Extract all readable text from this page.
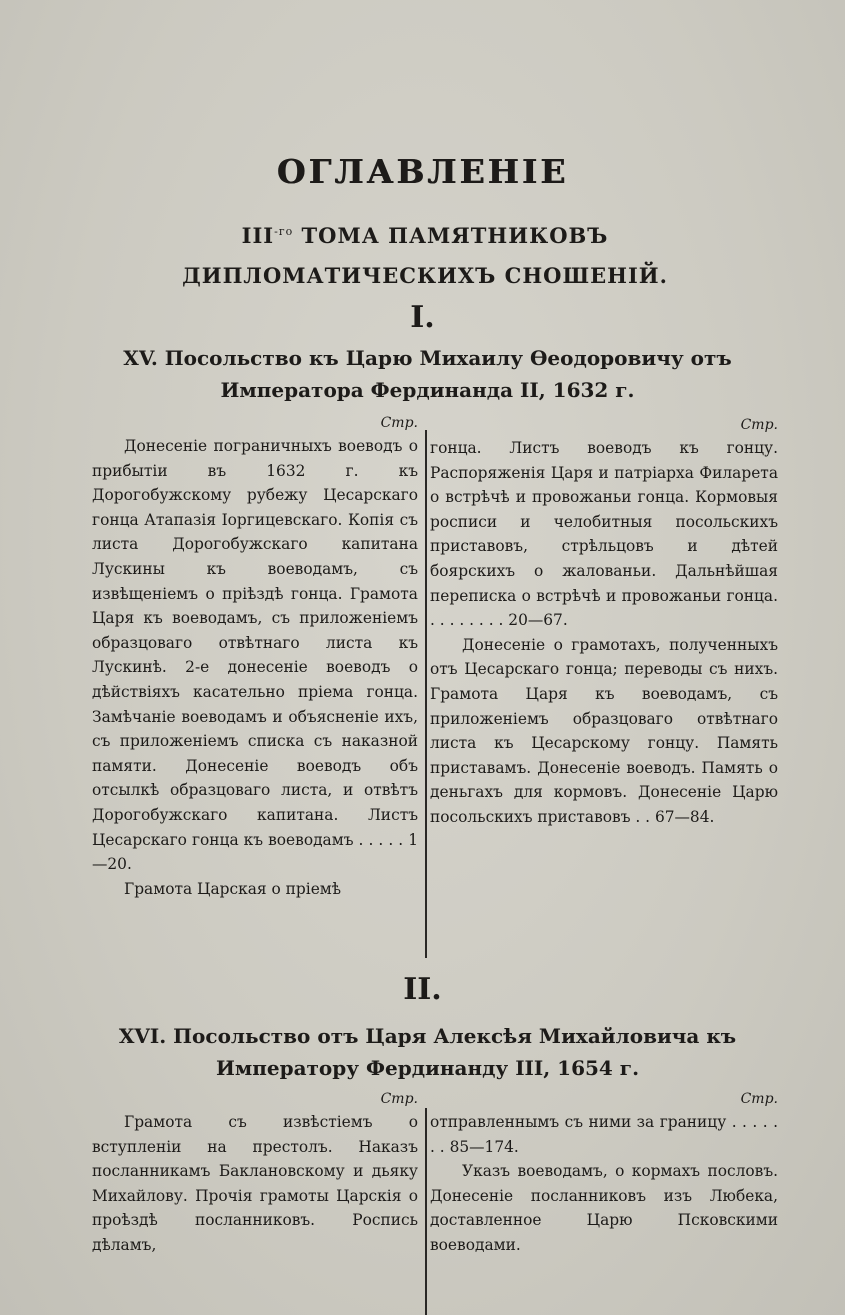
ОГЛАВЛЕНІЕ
$III^{-го}$ ТОМА ПАМЯТНИКОВЪ ДИПЛОМАТИЧЕСКИХЪ СНОШЕНІЙ.
I.
XV. Посольство къ Царю Михаилу Ѳеодоровичу отъ Императора Фердинанда II, 1632 г.
Стр.

Донесеніе пограничныхъ воеводъ о прибытіи въ 1632 г. къ Дорогобужскому рубежу Цесарскаго гонца Атапазія Іоргицевскаго. Копія съ листа Дорогобужскаго капитана Лускины къ воеводамъ, съ извѣщеніемъ о пріѣздѣ гонца. Грамота Царя къ воеводамъ, съ приложеніемъ образцоваго отвѣтнаго листа къ Лускинѣ. 2-е донесеніе воеводъ о дѣйствіяхъ касательно пріема гонца. Замѣчаніе воеводамъ и объясненіе ихъ, съ приложеніемъ списка съ наказной памяти. Донесеніе воеводъ объ отсылкѣ образцоваго листа, и отвѣтъ Дорогобужскаго капитана. Листъ Цесарскаго гонца къ воеводамъ . . . . . 1—20.

Грамота Царская о пріемѣ

Стр.

гонца. Листъ воеводъ къ гонцу. Распоряженія Царя и патріарха Филарета о встрѣчѣ и провожаньи гонца. Кормовыя росписи и челобитныя посольскихъ приставовъ, стрѣльцовъ и дѣтей боярскихъ о жалованьи. Дальнѣйшая переписка о встрѣчѣ и провожаньи гонца. . . . . . . . . 20—67.

Донесеніе о грамотахъ, полученныхъ отъ Цесарскаго гонца; переводы съ нихъ. Грамота Царя къ воеводамъ, съ приложеніемъ образцоваго отвѣтнаго листа къ Цесарскому гонцу. Память приставамъ. Донесеніе воеводъ. Память о деньгахъ для кормовъ. Донесеніе Царю посольскихъ приставовъ . . 67—84.

II.
XVI. Посольство отъ Царя Алексѣя Михайловича къ Императору Фердинанду III, 1654 г.
Стр.

Грамота съ извѣстіемъ о вступленіи на престолъ. Наказъ посланникамъ Баклановскому и дьяку Михайлову. Прочія грамоты Царскія о проѣздѣ посланниковъ. Роспись дѣламъ,

Стр.

отправленнымъ съ ними за границу . . . . . . . 85—174.

Указъ воеводамъ, о кормахъ пословъ. Донесеніе посланниковъ изъ Любека, доставленное Царю Псковскими воеводами.
